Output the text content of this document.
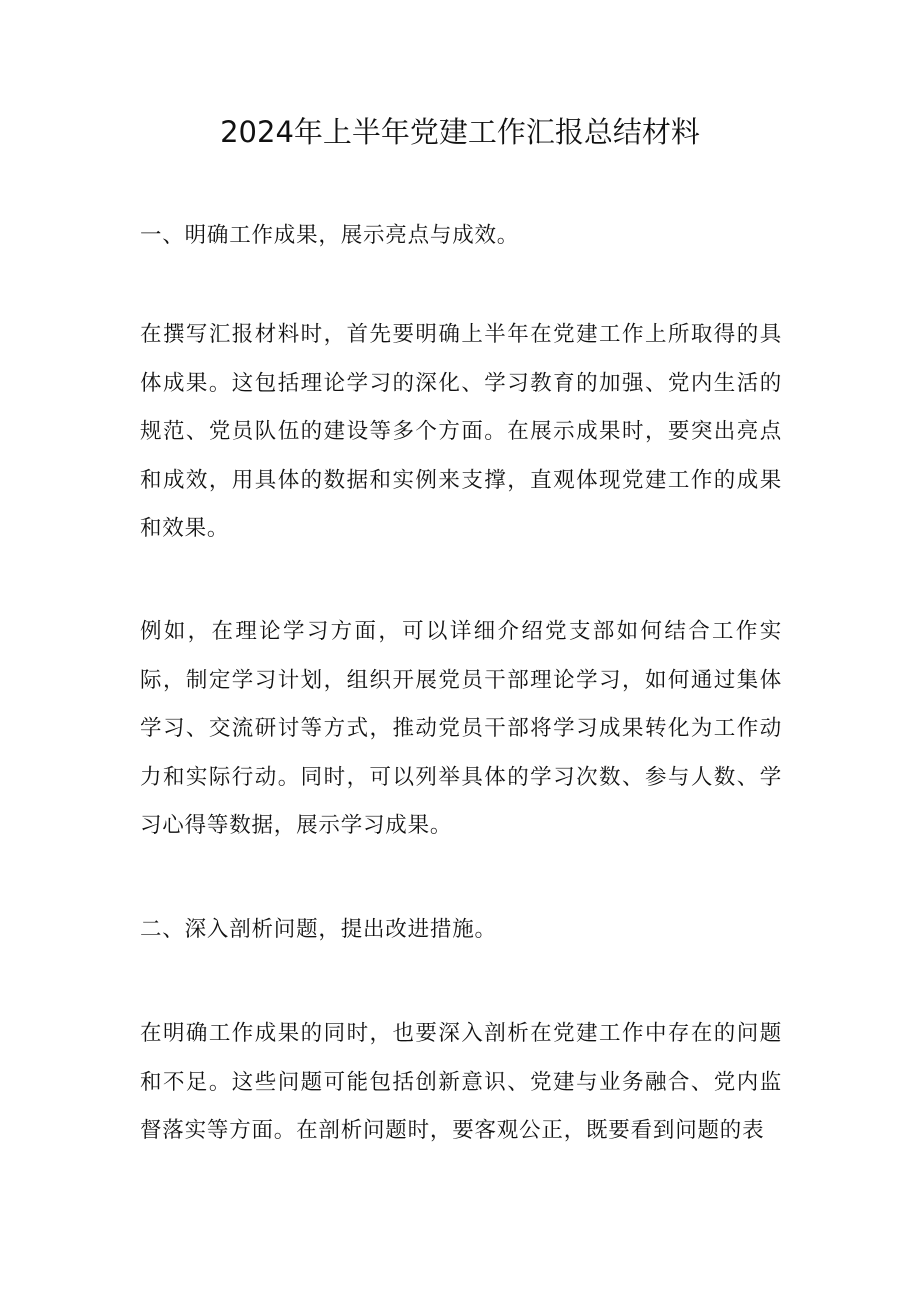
2024年上半年党建工作汇报总结材料

一、明确工作成果，展示亮点与成效。

在撰写汇报材料时，首先要明确上半年在党建工作上所取得的具体成果。这包括理论学习的深化、学习教育的加强、党内生活的规范、党员队伍的建设等多个方面。在展示成果时，要突出亮点和成效，用具体的数据和实例来支撑，直观体现党建工作的成果和效果。

例如，在理论学习方面，可以详细介绍党支部如何结合工作实际，制定学习计划，组织开展党员干部理论学习，如何通过集体学习、交流研讨等方式，推动党员干部将学习成果转化为工作动力和实际行动。同时，可以列举具体的学习次数、参与人数、学习心得等数据，展示学习成果。

二、深入剖析问题，提出改进措施。

在明确工作成果的同时，也要深入剖析在党建工作中存在的问题和不足。这些问题可能包括创新意识、党建与业务融合、党内监督落实等方面。在剖析问题时，要客观公正，既要看到问题的表
